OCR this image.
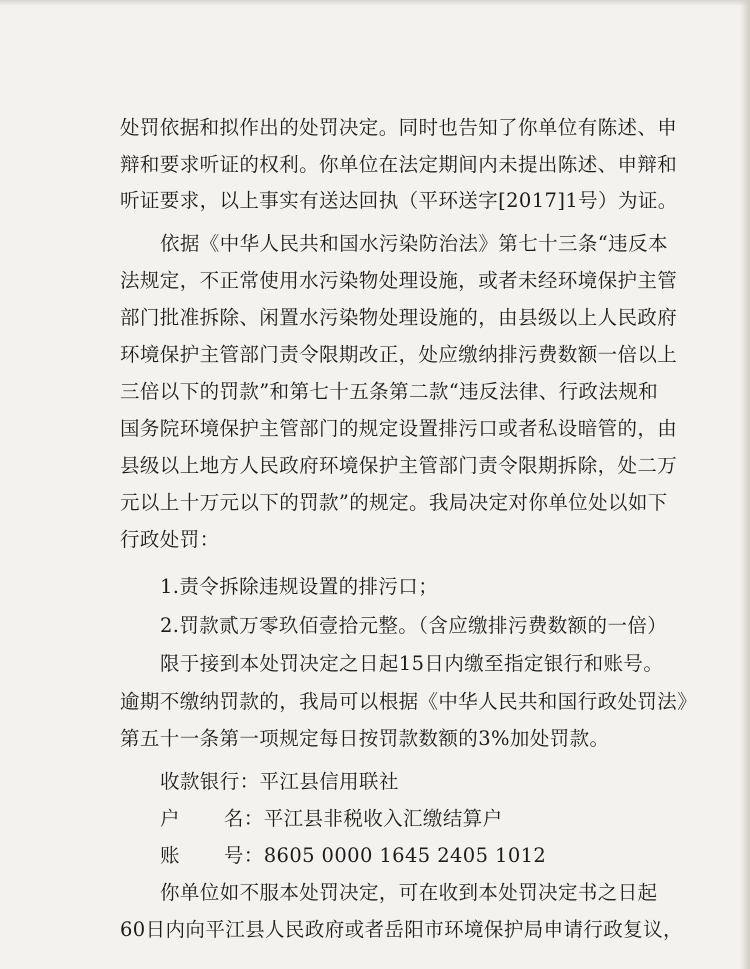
处罚依据和拟作出的处罚决定。同时也告知了你单位有陈述、申
辩和要求听证的权利。你单位在法定期间内未提出陈述、申辩和
听证要求，以上事实有送达回执（平环送字[2017]1号）为证。
依据《中华人民共和国水污染防治法》第七十三条“违反本
法规定，不正常使用水污染物处理设施，或者未经环境保护主管
部门批准拆除、闲置水污染物处理设施的，由县级以上人民政府
环境保护主管部门责令限期改正，处应缴纳排污费数额一倍以上
三倍以下的罚款”和第七十五条第二款“违反法律、行政法规和
国务院环境保护主管部门的规定设置排污口或者私设暗管的，由
县级以上地方人民政府环境保护主管部门责令限期拆除，处二万
元以上十万元以下的罚款”的规定。我局决定对你单位处以如下
行政处罚：
1.责令拆除违规设置的排污口；
2.罚款贰万零玖佰壹拾元整。（含应缴排污费数额的一倍）
限于接到本处罚决定之日起15日内缴至指定银行和账号。
逾期不缴纳罚款的，我局可以根据《中华人民共和国行政处罚法》
第五十一条第一项规定每日按罚款数额的3%加处罚款。
收款银行：平江县信用联社
户 名：平江县非税收入汇缴结算户
账 号：8605 0000 1645 2405 1012
你单位如不服本处罚决定，可在收到本处罚决定书之日起
60日内向平江县人民政府或者岳阳市环境保护局申请行政复议，
